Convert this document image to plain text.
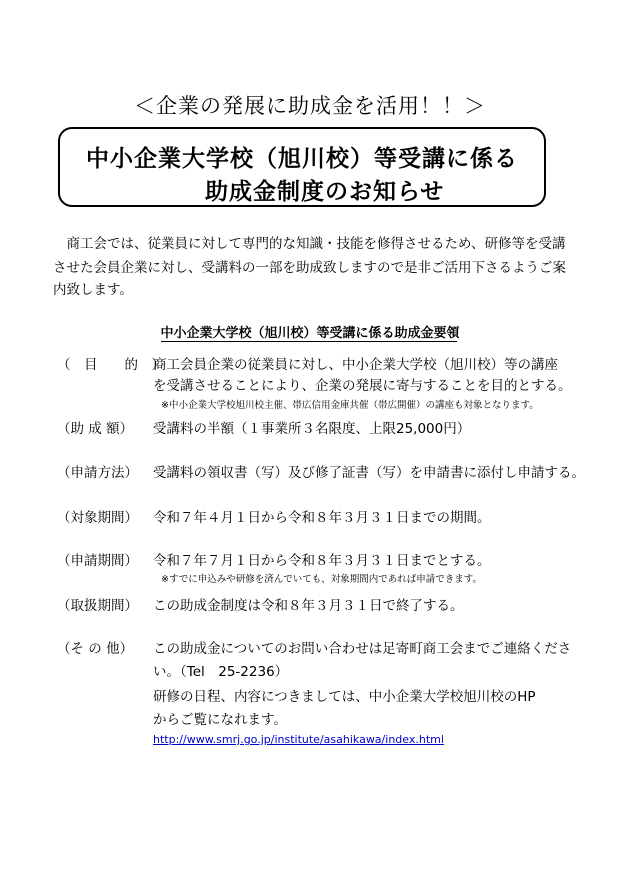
＜企業の発展に助成金を活用！！＞
中小企業大学校（旭川校）等受講に係る
助成金制度のお知らせ
　商工会では、従業員に対して専門的な知識・技能を修得させるため、研修等を受講
させた会員企業に対し、受講料の一部を助成致しますので是非ご活用下さるようご案
内致します。
中小企業大学校（旭川校）等受講に係る助成金要領
（　目　　的　）
商工会員企業の従業員に対し、中小企業大学校（旭川校）等の講座
を受講させることにより、企業の発展に寄与することを目的とする。
※中小企業大学校旭川校主催、帯広信用金庫共催（帯広開催）の講座も対象となります。
（助 成 額） 受講料の半額（１事業所３名限度、上限25,000円）
（申請方法） 受講料の領収書（写）及び修了証書（写）を申請書に添付し申請する。
（対象期間） 令和７年４月１日から令和８年３月３１日までの期間。
（申請期間） 令和７年７月１日から令和８年３月３１日までとする。
※すでに申込みや研修を済んでいても、対象期間内であれば申請できます。
（取扱期間） この助成金制度は令和８年３月３１日で終了する。
（そ の 他） この助成金についてのお問い合わせは足寄町商工会までご連絡くださ
い。（Tel　25-2236）
研修の日程、内容につきましては、中小企業大学校旭川校のHP
からご覧になれます。
http://www.smrj.go.jp/institute/asahikawa/index.html
